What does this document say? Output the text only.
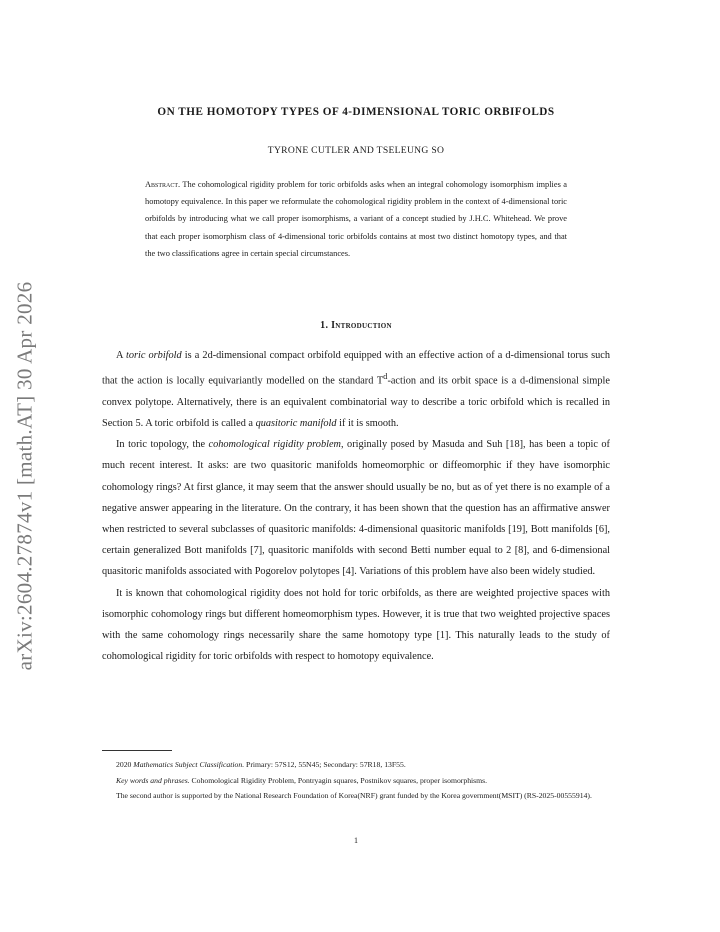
arXiv:2604.27874v1 [math.AT] 30 Apr 2026
ON THE HOMOTOPY TYPES OF 4-DIMENSIONAL TORIC ORBIFOLDS
TYRONE CUTLER AND TSELEUNG SO

Abstract. The cohomological rigidity problem for toric orbifolds asks when an integral cohomology isomorphism implies a homotopy equivalence. In this paper we reformulate the cohomological rigidity problem in the context of 4-dimensional toric orbifolds by introducing what we call proper isomorphisms, a variant of a concept studied by J.H.C. Whitehead. We prove that each proper isomorphism class of 4-dimensional toric orbifolds contains at most two distinct homotopy types, and that the two classifications agree in certain special circumstances.

1. Introduction

A toric orbifold is a 2d-dimensional compact orbifold equipped with an effective action of a d-dimensional torus such that the action is locally equivariantly modelled on the standard $T^d$-action and its orbit space is a d-dimensional simple convex polytope. Alternatively, there is an equivalent combinatorial way to describe a toric orbifold which is recalled in Section 5. A toric orbifold is called a quasitoric manifold if it is smooth.

In toric topology, the cohomological rigidity problem, originally posed by Masuda and Suh [18], has been a topic of much recent interest. It asks: are two quasitoric manifolds homeomorphic or diffeomorphic if they have isomorphic cohomology rings? At first glance, it may seem that the answer should usually be no, but as of yet there is no example of a negative answer appearing in the literature. On the contrary, it has been shown that the question has an affirmative answer when restricted to several subclasses of quasitoric manifolds: 4-dimensional quasitoric manifolds [19], Bott manifolds [6], certain generalized Bott manifolds [7], quasitoric manifolds with second Betti number equal to 2 [8], and 6-dimensional quasitoric manifolds associated with Pogorelov polytopes [4]. Variations of this problem have also been widely studied.

It is known that cohomological rigidity does not hold for toric orbifolds, as there are weighted projective spaces with isomorphic cohomology rings but different homeomorphism types. However, it is true that two weighted projective spaces with the same cohomology rings necessarily share the same homotopy type [1]. This naturally leads to the study of cohomological rigidity for toric orbifolds with respect to homotopy equivalence.

2020 Mathematics Subject Classification. Primary: 57S12, 55N45; Secondary: 57R18, 13F55.

Key words and phrases. Cohomological Rigidity Problem, Pontryagin squares, Postnikov squares, proper isomorphisms.

The second author is supported by the National Research Foundation of Korea(NRF) grant funded by the Korea government(MSIT) (RS-2025-00555914).

1
